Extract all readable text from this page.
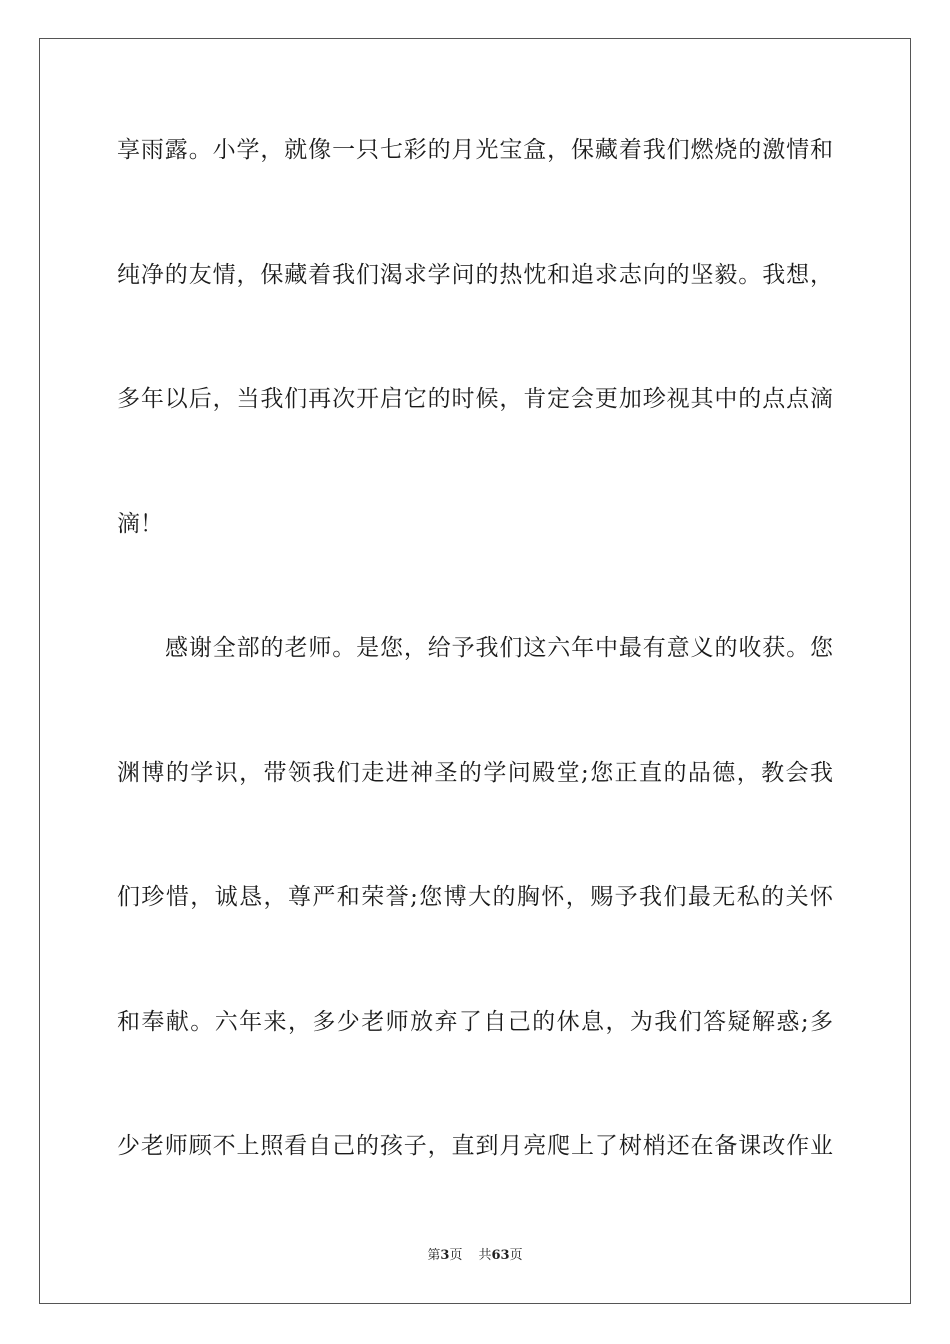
享雨露。小学，就像一只七彩的月光宝盒，保藏着我们燃烧的激情和
纯净的友情，保藏着我们渴求学问的热忱和追求志向的坚毅。我想，
多年以后，当我们再次开启它的时候，肯定会更加珍视其中的点点滴
滴！
感谢全部的老师。是您，给予我们这六年中最有意义的收获。您
渊博的学识，带领我们走进神圣的学问殿堂;您正直的品德，教会我
们珍惜，诚恳，尊严和荣誉;您博大的胸怀，赐予我们最无私的关怀
和奉献。六年来，多少老师放弃了自己的休息，为我们答疑解惑;多
少老师顾不上照看自己的孩子，直到月亮爬上了树梢还在备课改作业
第3页 共63页
